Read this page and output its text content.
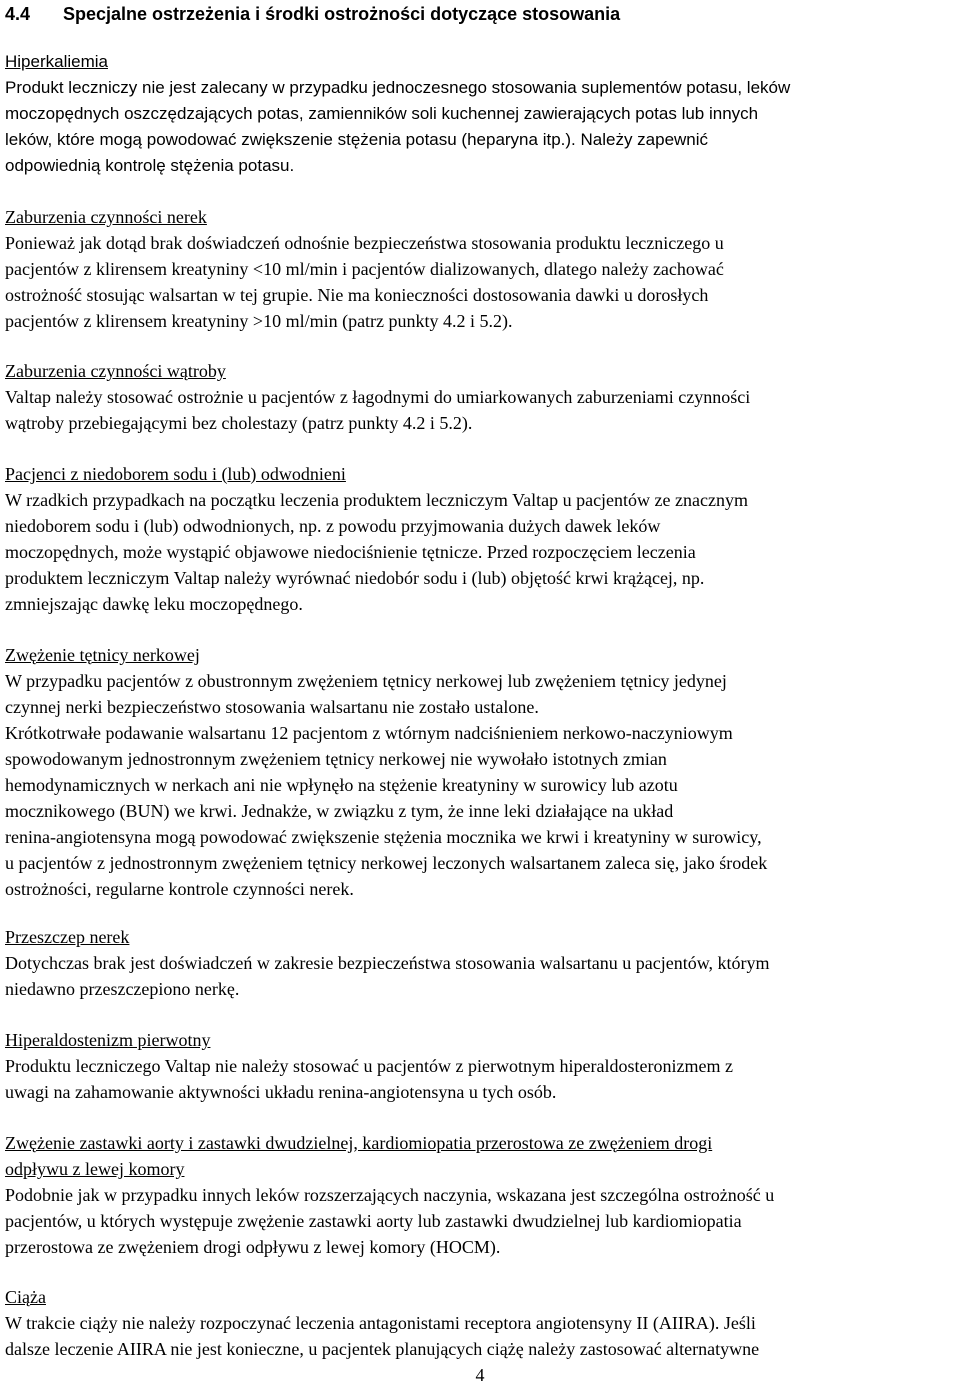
4.4 Specjalne ostrzeżenia i środki ostrożności dotyczące stosowania
Hiperkaliemia
Produkt leczniczy nie jest zalecany w przypadku jednoczesnego stosowania suplementów potasu, leków
moczopędnych oszczędzających potas, zamienników soli kuchennej zawierających potas lub innych
leków, które mogą powodować zwiększenie stężenia potasu (heparyna itp.). Należy zapewnić
odpowiednią kontrolę stężenia potasu.
Zaburzenia czynności nerek
Ponieważ jak dotąd brak doświadczeń odnośnie bezpieczeństwa stosowania produktu leczniczego u
pacjentów z klirensem kreatyniny <10 ml/min i pacjentów dializowanych, dlatego należy zachować
ostrożność stosując walsartan w tej grupie. Nie ma konieczności dostosowania dawki u dorosłych
pacjentów z klirensem kreatyniny >10 ml/min (patrz punkty 4.2 i 5.2).
Zaburzenia czynności wątroby
Valtap należy stosować ostrożnie u pacjentów z łagodnymi do umiarkowanych zaburzeniami czynności
wątroby przebiegającymi bez cholestazy (patrz punkty 4.2 i 5.2).
Pacjenci z niedoborem sodu i (lub) odwodnieni
W rzadkich przypadkach na początku leczenia produktem leczniczym Valtap u pacjentów ze znacznym
niedoborem sodu i (lub) odwodnionych, np. z powodu przyjmowania dużych dawek leków
moczopędnych, może wystąpić objawowe niedociśnienie tętnicze. Przed rozpoczęciem leczenia
produktem leczniczym Valtap należy wyrównać niedobór sodu i (lub) objętość krwi krążącej, np.
zmniejszając dawkę leku moczopędnego.
Zwężenie tętnicy nerkowej
W przypadku pacjentów z obustronnym zwężeniem tętnicy nerkowej lub zwężeniem tętnicy jedynej
czynnej nerki bezpieczeństwo stosowania walsartanu nie zostało ustalone.
Krótkotrwałe podawanie walsartanu 12 pacjentom z wtórnym nadciśnieniem nerkowo-naczyniowym
spowodowanym jednostronnym zwężeniem tętnicy nerkowej nie wywołało istotnych zmian
hemodynamicznych w nerkach ani nie wpłynęło na stężenie kreatyniny w surowicy lub azotu
mocznikowego (BUN) we krwi. Jednakże, w związku z tym, że inne leki działające na układ
renina-angiotensyna mogą powodować zwiększenie stężenia mocznika we krwi i kreatyniny w surowicy,
u pacjentów z jednostronnym zwężeniem tętnicy nerkowej leczonych walsartanem zaleca się, jako środek
ostrożności, regularne kontrole czynności nerek.
Przeszczep nerek
Dotychczas brak jest doświadczeń w zakresie bezpieczeństwa stosowania walsartanu u pacjentów, którym
niedawno przeszczepiono nerkę.
Hiperaldostenizm pierwotny
Produktu leczniczego Valtap nie należy stosować u pacjentów z pierwotnym hiperaldosteronizmem z
uwagi na zahamowanie aktywności układu renina-angiotensyna u tych osób.
Zwężenie zastawki aorty i zastawki dwudzielnej, kardiomiopatia przerostowa ze zwężeniem drogi
odpływu z lewej komory
Podobnie jak w przypadku innych leków rozszerzających naczynia, wskazana jest szczególna ostrożność u
pacjentów, u których występuje zwężenie zastawki aorty lub zastawki dwudzielnej lub kardiomiopatia
przerostowa ze zwężeniem drogi odpływu z lewej komory (HOCM).
Ciąża
W trakcie ciąży nie należy rozpoczynać leczenia antagonistami receptora angiotensyny II (AIIRA). Jeśli
dalsze leczenie AIIRA nie jest konieczne, u pacjentek planujących ciążę należy zastosować alternatywne
4
